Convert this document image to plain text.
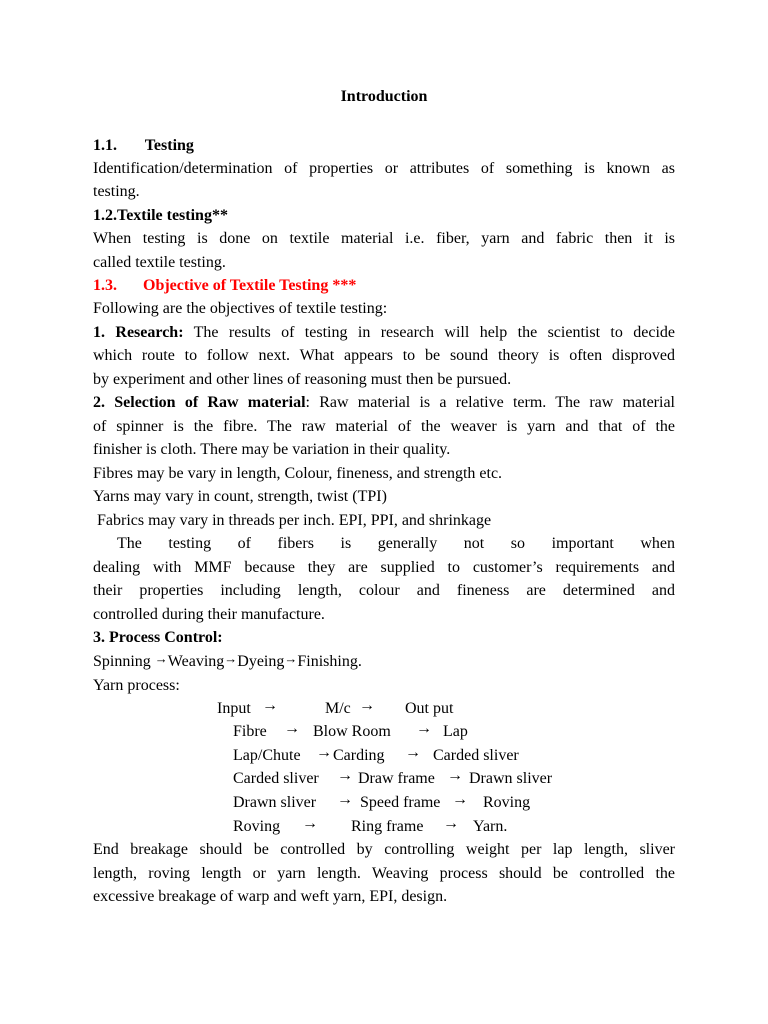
Introduction
1.1. Testing
Identification/determination of properties or attributes of something is known as
testing.
1.2.Textile testing**
When testing is done on textile material i.e. fiber, yarn and fabric then it is
called textile testing.
1.3. Objective of Textile Testing ***
Following are the objectives of textile testing:
1. Research: The results of testing in research will help the scientist to decide
which route to follow next. What appears to be sound theory is often disproved
by experiment and other lines of reasoning must then be pursued.
2. Selection of Raw material: Raw material is a relative term. The raw material
of spinner is the fibre. The raw material of the weaver is yarn and that of the
finisher is cloth. There may be variation in their quality.
Fibres may be vary in length, Colour, fineness, and strength etc.
Yarns may vary in count, strength, twist (TPI)
Fabrics may vary in threads per inch. EPI, PPI, and shrinkage
The testing of fibers is generally not so important when
dealing with MMF because they are supplied to customer’s requirements and
their properties including length, colour and fineness are determined and
controlled during their manufacture.
3. Process Control:
Spinning →Weaving→Dyeing→Finishing.
Yarn process:
Input →	M/c → Out put
Fibre → Blow Room → Lap
Lap/Chute → Carding → Carded sliver
Carded sliver → Draw frame → Drawn sliver
Drawn sliver → Speed frame → Roving
Roving → Ring frame → Yarn.
End breakage should be controlled by controlling weight per lap length, sliver
length, roving length or yarn length. Weaving process should be controlled the
excessive breakage of warp and weft yarn, EPI, design.
